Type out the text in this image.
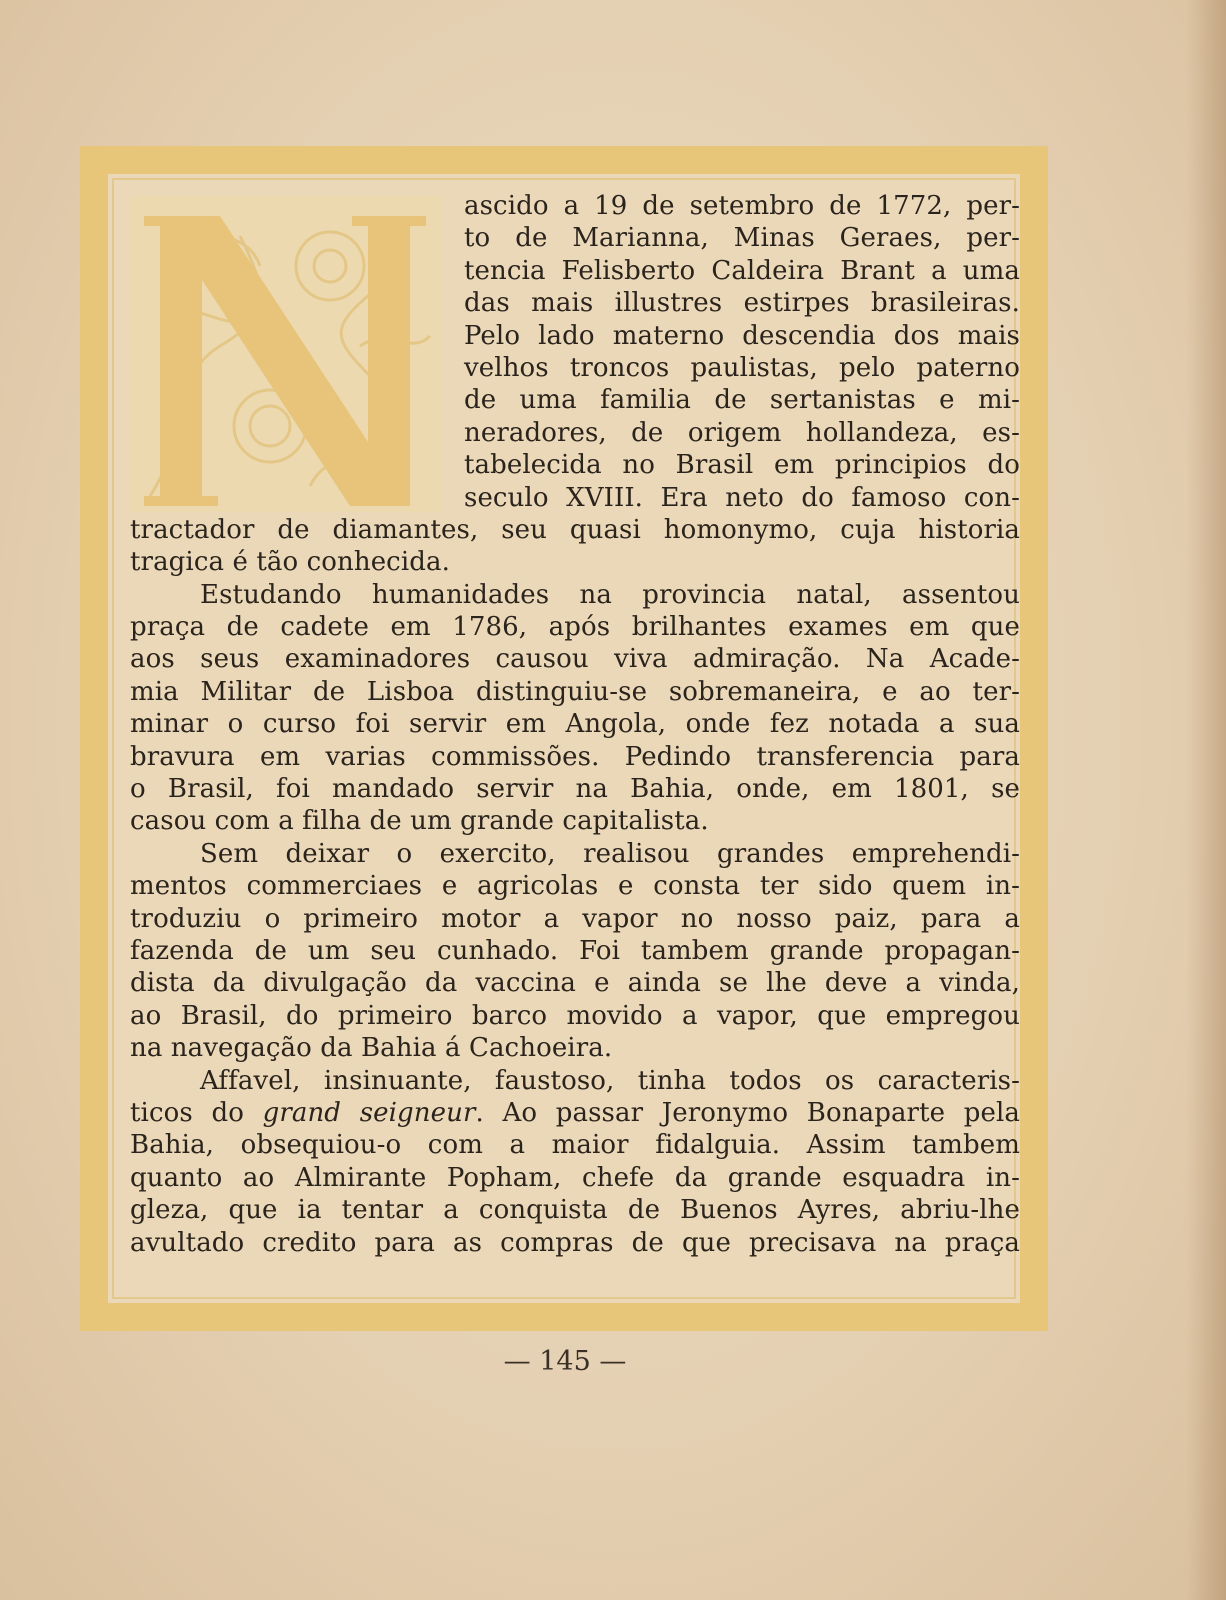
ascido a 19 de setembro de 1772, per-
to de Marianna, Minas Geraes, per-
tencia Felisberto Caldeira Brant a uma
das mais illustres estirpes brasileiras.
Pelo lado materno descendia dos mais
velhos troncos paulistas, pelo paterno
de uma familia de sertanistas e mi-
neradores, de origem hollandeza, es-
tabelecida no Brasil em principios do
seculo XVIII. Era neto do famoso con-
tractador de diamantes, seu quasi homonymo, cuja historia
tragica é tão conhecida.
Estudando humanidades na provincia natal, assentou
praça de cadete em 1786, após brilhantes exames em que
aos seus examinadores causou viva admiração. Na Acade-
mia Militar de Lisboa distinguiu-se sobremaneira, e ao ter-
minar o curso foi servir em Angola, onde fez notada a sua
bravura em varias commissões. Pedindo transferencia para
o Brasil, foi mandado servir na Bahia, onde, em 1801, se
casou com a filha de um grande capitalista.
Sem deixar o exercito, realisou grandes emprehendi-
mentos commerciaes e agricolas e consta ter sido quem in-
troduziu o primeiro motor a vapor no nosso paiz, para a
fazenda de um seu cunhado. Foi tambem grande propagan-
dista da divulgação da vaccina e ainda se lhe deve a vinda,
ao Brasil, do primeiro barco movido a vapor, que empregou
na navegação da Bahia á Cachoeira.
Affavel, insinuante, faustoso, tinha todos os caracteris-
ticos do grand seigneur. Ao passar Jeronymo Bonaparte pela
Bahia, obsequiou-o com a maior fidalguia. Assim tambem
quanto ao Almirante Popham, chefe da grande esquadra in-
gleza, que ia tentar a conquista de Buenos Ayres, abriu-lhe
avultado credito para as compras de que precisava na praça
— 145 —
